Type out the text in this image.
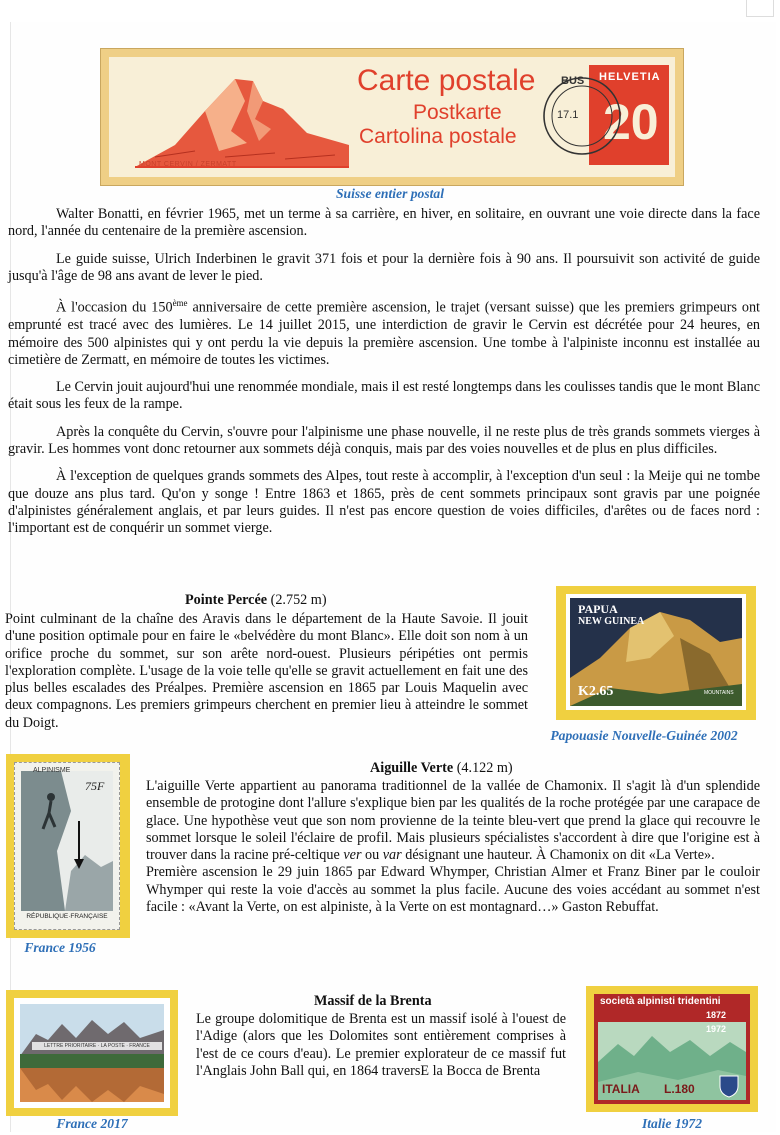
MONT CERVIN / ZERMATT
Carte postale
Postkarte
Cartolina postale
HELVETIA
20
BUS
17.1
Suisse entier postal

Walter Bonatti, en février 1965, met un terme à sa carrière, en hiver, en solitaire, en ouvrant une voie directe dans la face nord, l'année du centenaire de la première ascension.

Le guide suisse, Ulrich Inderbinen le gravit 371 fois et pour la dernière fois à 90 ans. Il poursuivit son activité de guide jusqu'à l'âge de 98 ans avant de lever le pied.

À l'occasion du 150ème anniversaire de cette première ascension, le trajet (versant suisse) que les premiers grimpeurs ont emprunté est tracé avec des lumières. Le 14 juillet 2015, une interdiction de gravir le Cervin est décrétée pour 24 heures, en mémoire des 500 alpinistes qui y ont perdu la vie depuis la première ascension. Une tombe à l'alpiniste inconnu est installée au cimetière de Zermatt, en mémoire de toutes les victimes.

Le Cervin jouit aujourd'hui une renommée mondiale, mais il est resté longtemps dans les coulisses tandis que le mont Blanc était sous les feux de la rampe.

Après la conquête du Cervin, s'ouvre pour l'alpinisme une phase nouvelle, il ne reste plus de très grands sommets vierges à gravir. Les hommes vont donc retourner aux sommets déjà conquis, mais par des voies nouvelles et de plus en plus difficiles.

À l'exception de quelques grands sommets des Alpes, tout reste à accomplir, à l'exception d'un seul : la Meije qui ne tombe que douze ans plus tard. Qu'on y songe ! Entre 1863 et 1865, près de cent sommets principaux sont gravis par une poignée d'alpinistes généralement anglais, et par leurs guides. Il n'est pas encore question de voies difficiles, d'arêtes ou de faces nord : l'important est de conquérir un sommet vierge.

Pointe Percée (2.752 m)

Point culminant de la chaîne des Aravis dans le département de la Haute Savoie. Il jouit d'une position optimale pour en faire le «belvédère du mont Blanc». Elle doit son nom à un orifice proche du sommet, sur son arête nord-ouest. Plusieurs péripéties ont permis l'exploration complète. L'usage de la voie telle qu'elle se gravit actuellement en fait une des plus belles escalades des Préalpes. Première ascension en 1865 par Louis Maquelin avec deux compagnons. Les premiers grimpeurs cherchent en premier lieu à atteindre le sommet du Doigt.

PAPUA
NEW GUINEA
K2.65	MOUNTAINS
Papouasie Nouvelle-Guinée 2002
ALPINISME
75F
RÉPUBLIQUE·FRANÇAISE
France 1956
Aiguille Verte (4.122 m)

L'aiguille Verte appartient au panorama traditionnel de la vallée de Chamonix. Il s'agit là d'un splendide ensemble de protogine dont l'allure s'explique bien par les qualités de la roche protégée par une carapace de glace. Une hypothèse veut que son nom provienne de la teinte bleu-vert que prend la glace qui recouvre le sommet lorsque le soleil l'éclaire de profil. Mais plusieurs spécialistes s'accordent à dire que l'origine est à trouver dans la racine pré-celtique ver ou var désignant une hauteur. À Chamonix on dit «La Verte».

Première ascension le 29 juin 1865 par Edward Whymper, Christian Almer et Franz Biner par le couloir Whymper qui reste la voie d'accès au sommet la plus facile. Aucune des voies accédant au sommet n'est facile : «Avant la Verte, on est alpiniste, à la Verte on est montagnard…» Gaston Rebuffat.

LETTRE PRIORITAIRE · LA POSTE · FRANCE
France 2017
Massif de la Brenta

Le groupe dolomitique de Brenta est un massif isolé à l'ouest de l'Adige (alors que les Dolomites sont entièrement comprises à l'est de ce cours d'eau). Le premier explorateur de ce massif fut l'Anglais John Ball qui, en 1864 traversE la Bocca de Brenta

società alpinisti tridentini
1872
1972
ITALIA L.180
Italie 1972
